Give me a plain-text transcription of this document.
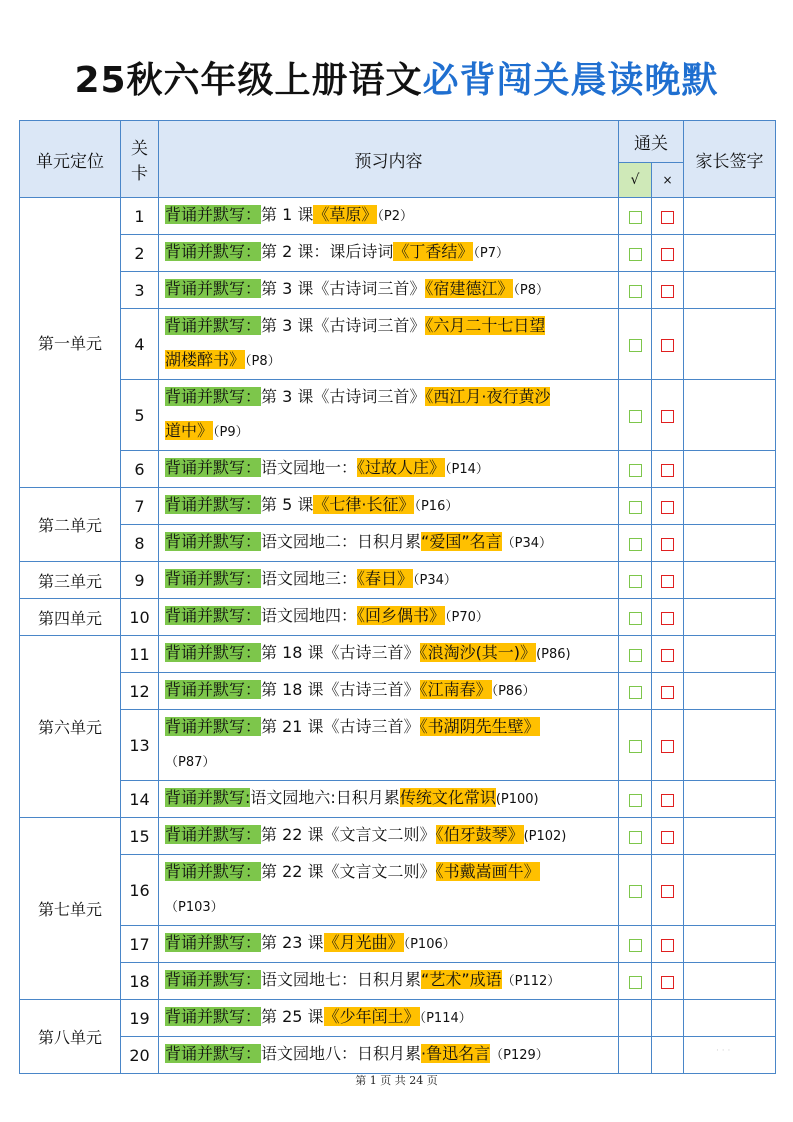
25秋六年级上册语文必背闯关晨读晚默
单元定位	关
卡	预习内容	通关		家长签字
			√	×	
第一单元	1	背诵并默写：第 1 课《草原》（P2）			
	2	背诵并默写：第 2 课：课后诗词《丁香结》（P7）			
	3	背诵并默写：第 3 课《古诗词三首》《宿建德江》（P8）			
	4	背诵并默写：第 3 课《古诗词三首》《六月二十七日望
湖楼醉书》（P8）			
	5	背诵并默写：第 3 课《古诗词三首》《西江月·夜行黄沙
道中》（P9）			
	6	背诵并默写：语文园地一：《过故人庄》（P14）			
第二单元	7	背诵并默写：第 5 课《七律·长征》（P16）			
	8	背诵并默写：语文园地二：日积月累“爱国”名言（P34）			
第三单元	9	背诵并默写：语文园地三：《春日》（P34）			
第四单元	10	背诵并默写：语文园地四：《回乡偶书》（P70）			
第六单元	11	背诵并默写：第 18 课《古诗三首》《浪淘沙(其一)》(P86)			
	12	背诵并默写：第 18 课《古诗三首》《江南春》（P86）			
	13	背诵并默写：第 21 课《古诗三首》《书湖阴先生壁》
（P87）			
	14	背诵并默写:语文园地六:日积月累传统文化常识(P100)			
第七单元	15	背诵并默写：第 22 课《文言文二则》《伯牙鼓琴》(P102)			
	16	背诵并默写：第 22 课《文言文二则》《书戴嵩画牛》
（P103）			
	17	背诵并默写：第 23 课《月光曲》（P106）			
	18	背诵并默写：语文园地七：日积月累“艺术”成语（P112）			
第八单元	19	背诵并默写：第 25 课《少年闰土》（P114）			
	20	背诵并默写：语文园地八：日积月累·鲁迅名言（P129）				· · ·
第 1 页 共 24 页
